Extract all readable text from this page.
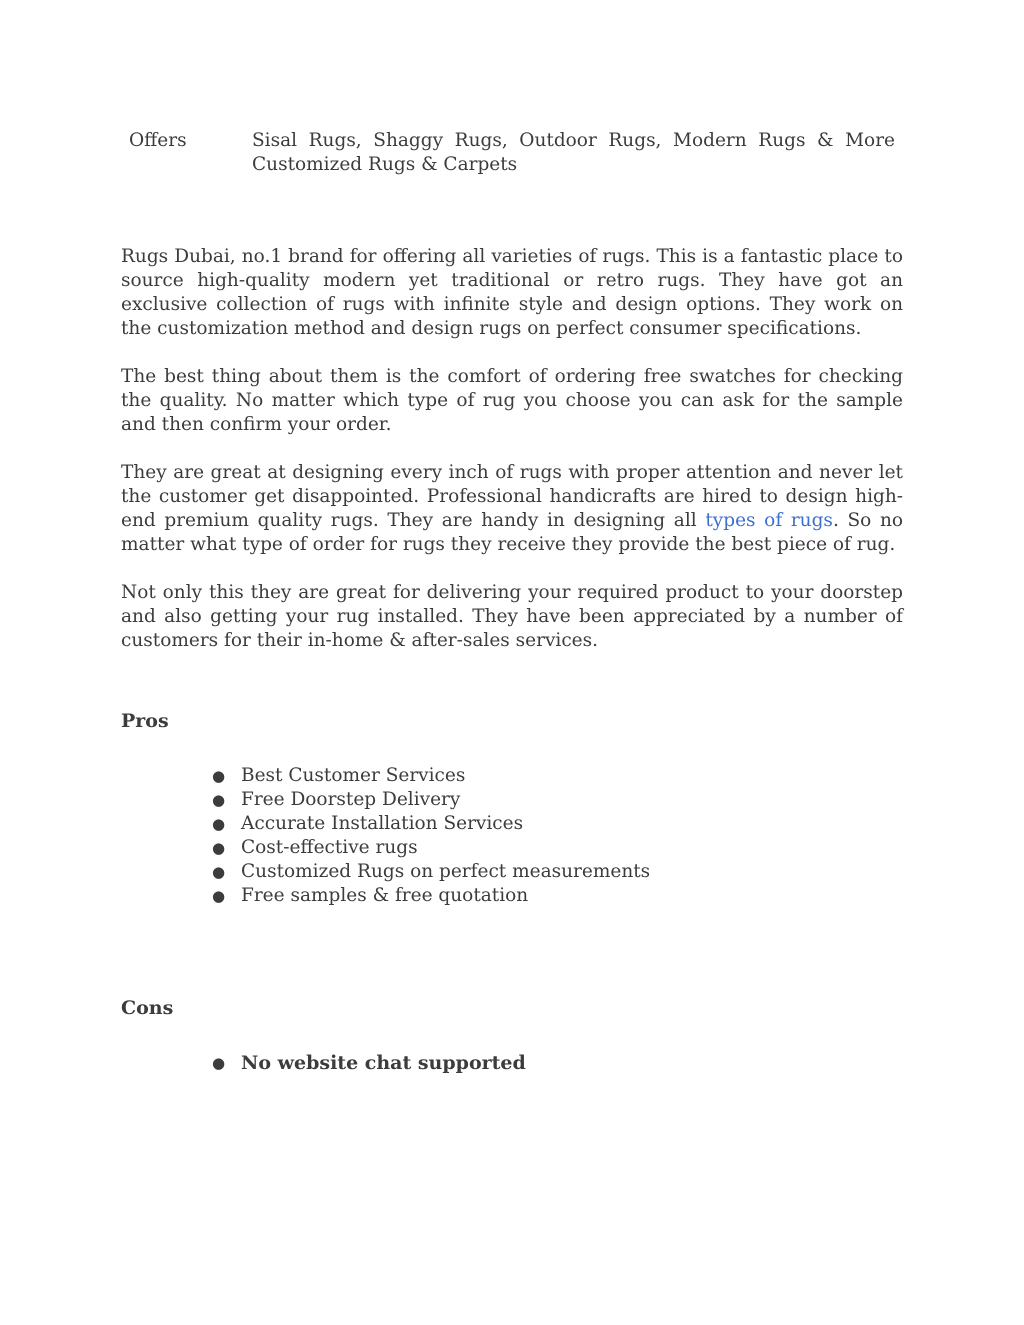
Offers	Sisal Rugs, Shaggy Rugs, Outdoor Rugs, Modern Rugs & More Customized Rugs & Carpets

Rugs Dubai, no.1 brand for offering all varieties of rugs. This is a fantastic place to source high-quality modern yet traditional or retro rugs. They have got an exclusive collection of rugs with infinite style and design options. They work on the customization method and design rugs on perfect consumer specifications.

The best thing about them is the comfort of ordering free swatches for checking the quality. No matter which type of rug you choose you can ask for the sample and then confirm your order.

They are great at designing every inch of rugs with proper attention and never let the customer get disappointed. Professional handicrafts are hired to design high-end premium quality rugs. They are handy in designing all types of rugs. So no matter what type of order for rugs they receive they provide the best piece of rug.

Not only this they are great for delivering your required product to your doorstep and also getting your rug installed. They have been appreciated by a number of customers for their in-home & after-sales services.

Pros
● Best Customer Services
● Free Doorstep Delivery
● Accurate Installation Services
● Cost-effective rugs
● Customized Rugs on perfect measurements
● Free samples & free quotation
Cons
● No website chat supported
